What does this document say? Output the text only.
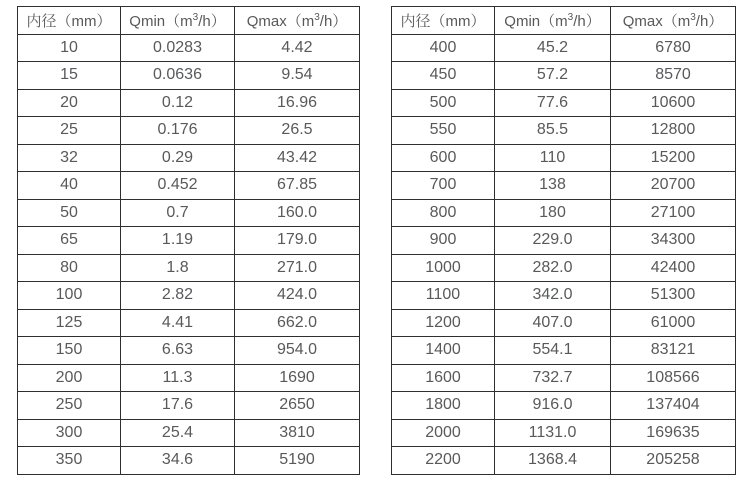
内径（mm）	$Qmin(m^3/h)$	$Qmax(m^3/h)$
10	0.0283	4.42
15	0.0636	9.54
20	0.12	16.96
25	0.176	26.5
32	0.29	43.42
40	0.452	67.85
50	0.7	160.0
65	1.19	179.0
80	1.8	271.0
100	2.82	424.0
125	4.41	662.0
150	6.63	954.0
200	11.3	1690
250	17.6	2650
300	25.4	3810
350	34.6	5190
内径（mm）	$Qmin(m^3/h)$	$Qmax(m^3/h)$
400	45.2	6780
450	57.2	8570
500	77.6	10600
550	85.5	12800
600	110	15200
700	138	20700
800	180	27100
900	229.0	34300
1000	282.0	42400
1100	342.0	51300
1200	407.0	61000
1400	554.1	83121
1600	732.7	108566
1800	916.0	137404
2000	1131.0	169635
2200	1368.4	205258
